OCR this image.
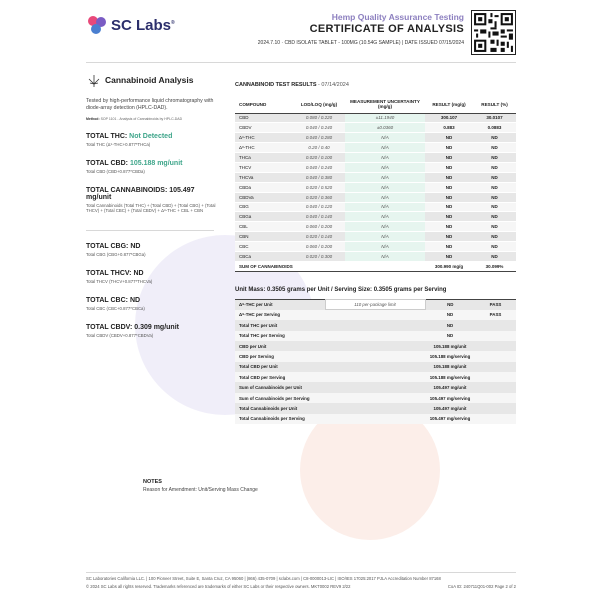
SC Labs®
Hemp Quality Assurance Testing
CERTIFICATE OF ANALYSIS
2024.7.10 · CBD ISOLATE TABLET - 100MG (10.54G SAMPLE) | DATE ISSUED 07/15/2024
Cannabinoid Analysis
Tested by high-performance liquid chromatography with diode-array detection (HPLC-DAD).
Method: SOP 1101 - Analysis of Cannabinoids by HPLC-DAD
TOTAL THC: Not Detected
Total THC (Δ⁹-THC+0.877*THCa)
TOTAL CBD: 105.188 mg/unit
Total CBD (CBD+0.877*CBDa)
TOTAL CANNABINOIDS: 105.497 mg/unit
Total Cannabinoids (Total THC) + (Total CBD) + (Total CBG) + (Total THCV) + (Total CBC) + (Total CBDV) + Δ⁸-THC + CBL + CBN
TOTAL CBG: ND
Total CBG (CBG+0.877*CBGa)
TOTAL THCV: ND
Total THCV (THCV+0.877*THCVa)
TOTAL CBC: ND
Total CBC (CBC+0.877*CBCa)
TOTAL CBDV: 0.309 mg/unit
Total CBDV (CBDV+0.877*CBDVa)
CANNABINOID TEST RESULTS - 07/14/2024
COMPOUND	LOD/LOQ (mg/g)	MEASUREMENT UNCERTAINTY (mg/g)	RESULT (mg/g)	RESULT (%)
CBD	0.080 / 0.220	±11.1940	300.107	30.0107
CBDV	0.040 / 0.240	±0.0360	0.883	0.0883
Δ⁹-THC	0.040 / 0.280	N/A	ND	ND
Δ⁸-THC	0.20 / 0.40	N/A	ND	ND
THCa	0.020 / 0.100	N/A	ND	ND
THCV	0.040 / 0.240	N/A	ND	ND
THCVa	0.040 / 0.380	N/A	ND	ND
CBDa	0.020 / 0.520	N/A	ND	ND
CBDVa	0.020 / 0.360	N/A	ND	ND
CBG	0.040 / 0.120	N/A	ND	ND
CBGa	0.040 / 0.140	N/A	ND	ND
CBL	0.060 / 0.200	N/A	ND	ND
CBN	0.020 / 0.140	N/A	ND	ND
CBC	0.060 / 0.200	N/A	ND	ND
CBCa	0.020 / 0.300	N/A	ND	ND
SUM OF CANNABINOIDS			300.990 mg/g	30.099%
Unit Mass: 0.3505 grams per Unit / Serving Size: 0.3505 grams per Serving
Δ⁹-THC per Unit	110 per-package limit	ND	PASS
Δ⁹-THC per Serving		ND	PASS
Total THC per Unit		ND	
Total THC per Serving		ND	
CBD per Unit		105.188 mg/unit	
CBD per Serving		105.188 mg/serving	
Total CBD per Unit		105.188 mg/unit	
Total CBD per Serving		105.188 mg/serving	
Sum of Cannabinoids per Unit		105.497 mg/unit	
Sum of Cannabinoids per Serving		105.497 mg/serving	
Total Cannabinoids per Unit		105.497 mg/unit	
Total Cannabinoids per Serving		105.497 mg/serving	
NOTES
Reason for Amendment: Unit/Serving Mass Change
SC Laboratories California LLC. | 100 Pioneer Street, Suite E, Santa Cruz, CA 95060 | (866) 435-0709 | sclabs.com | C8-0000013-LIC | ISO/IES 17025:2017 PJLA Accreditation Number 87168
© 2024 SC Labs all rights reserved. Trademarks referenced are trademarks of either SC Labs or their respective owners. MKT0002 REV9 2/22	CoA ID: 240711Q01-002 Page 2 of 2
